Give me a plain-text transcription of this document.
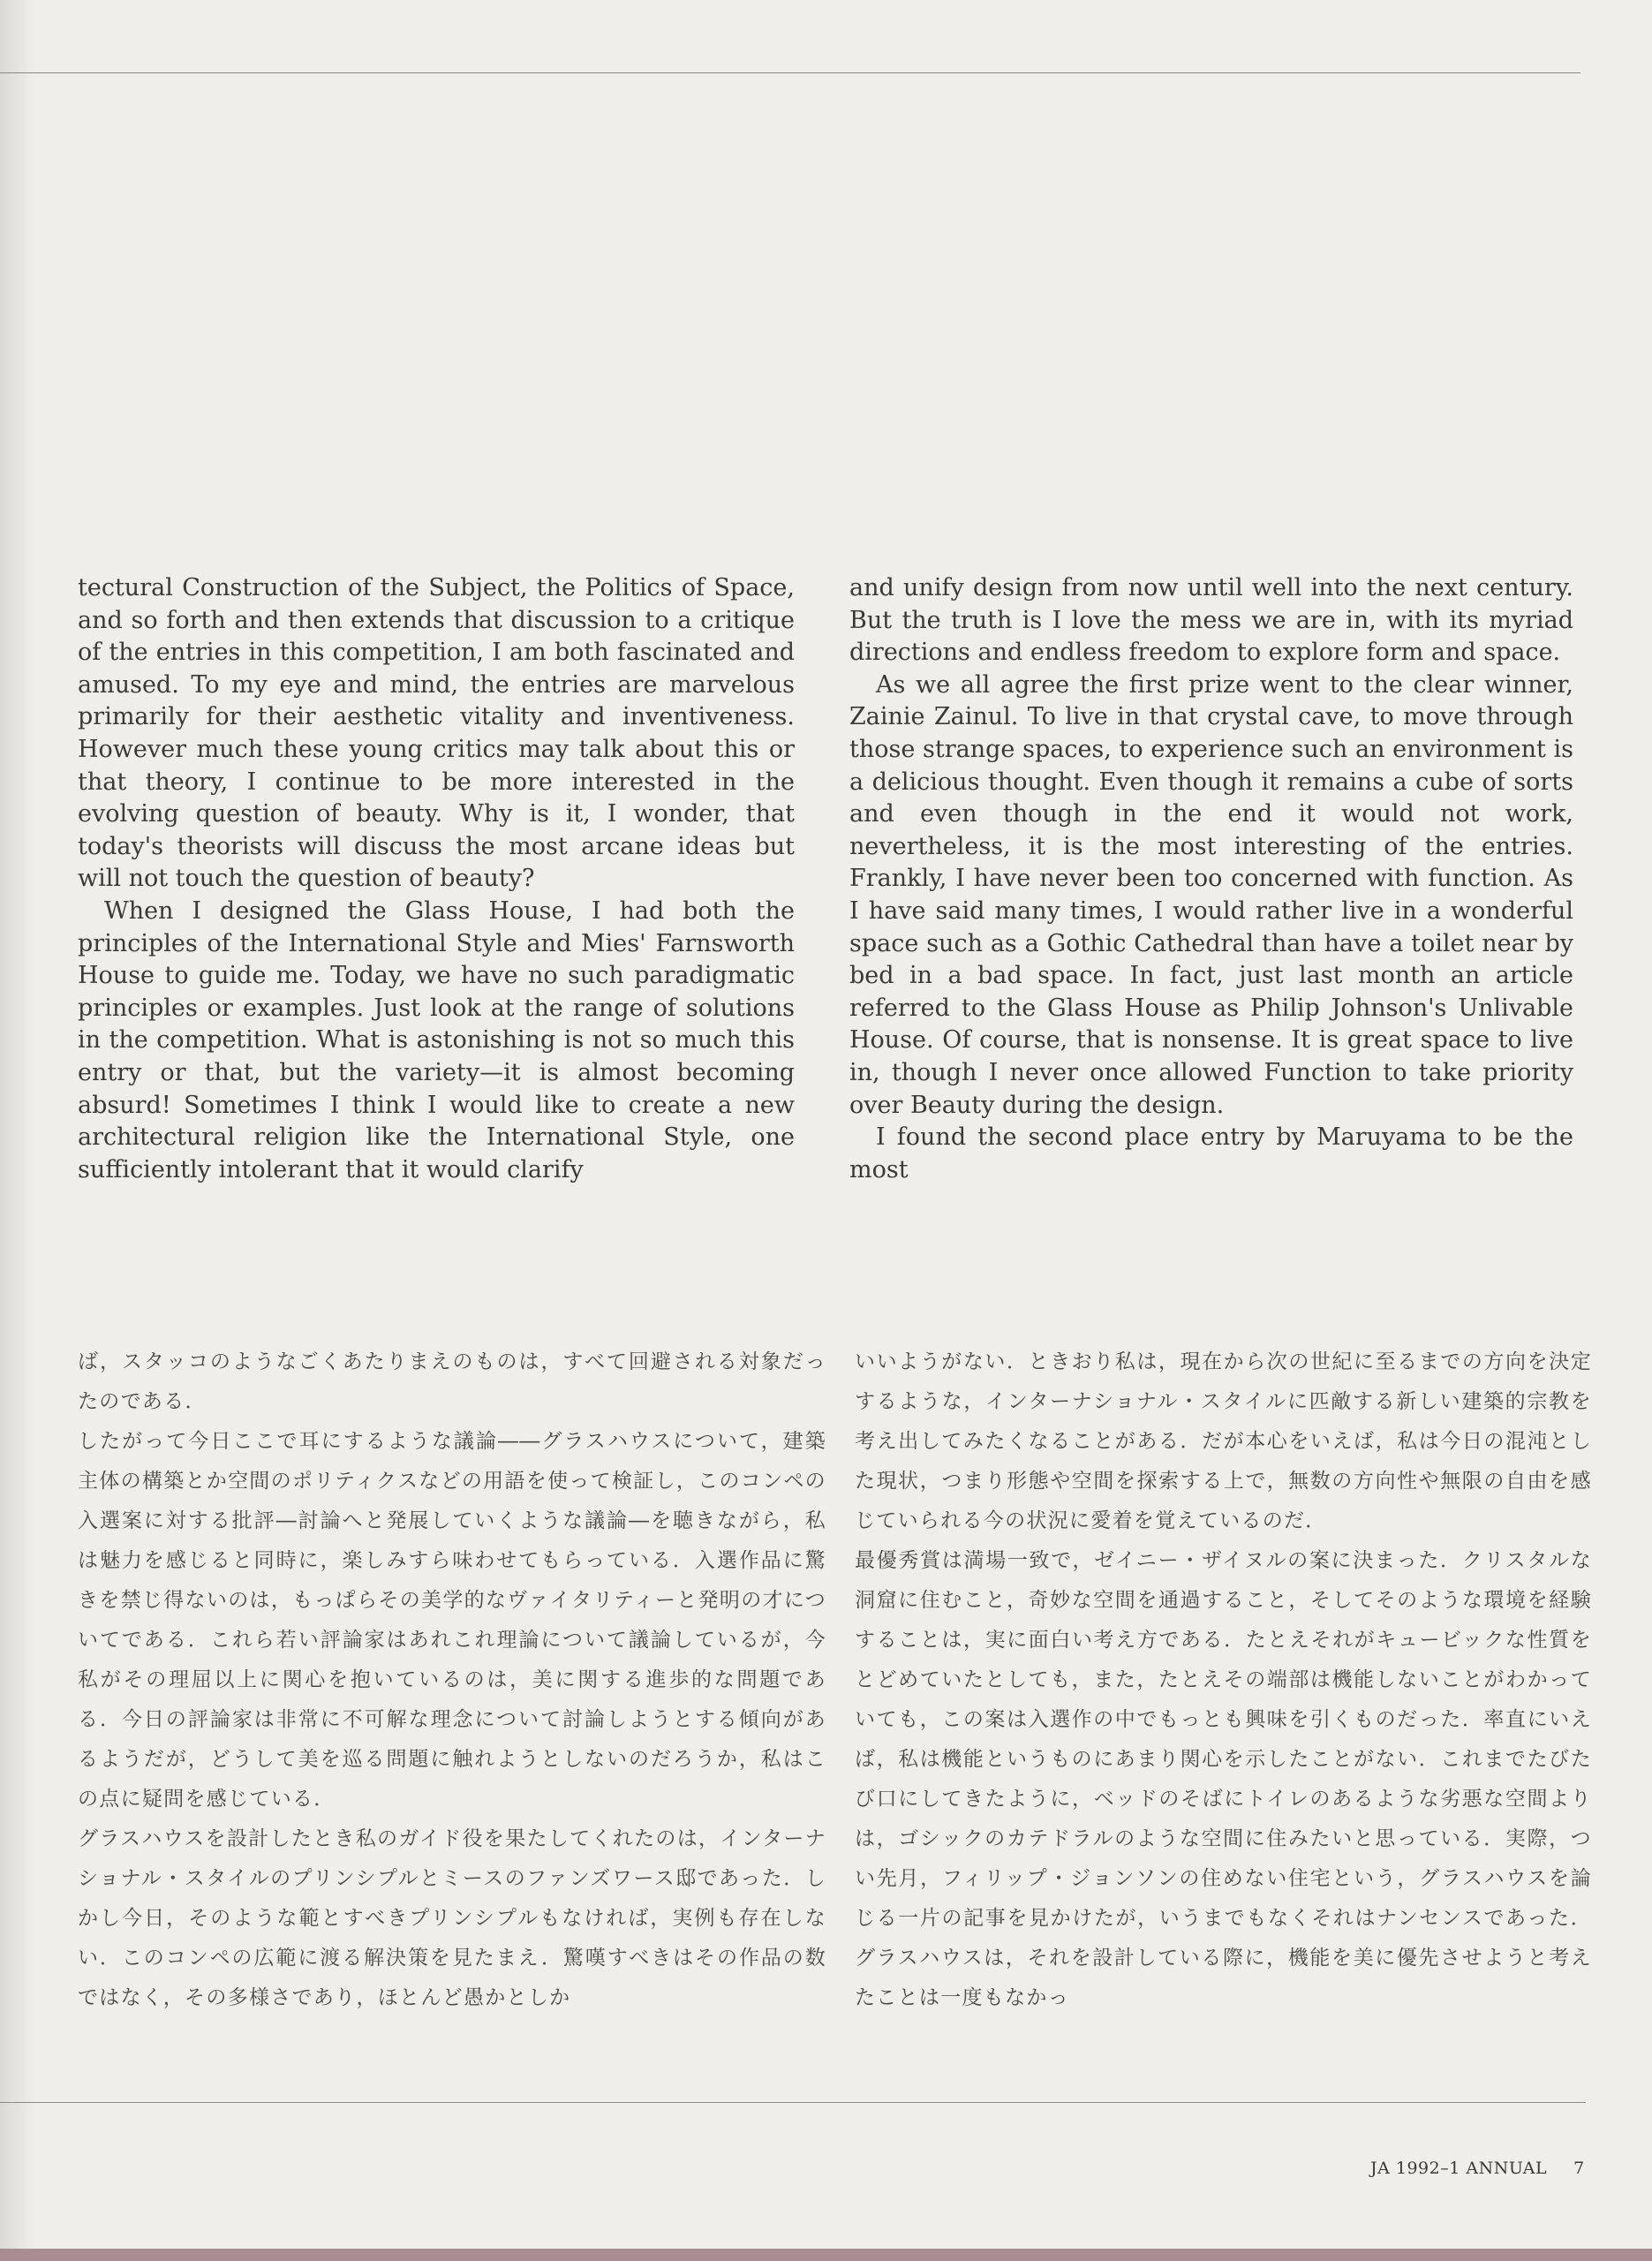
tectural Construction of the Subject, the Politics of Space, and so forth and then extends that discussion to a critique of the entries in this competition, I am both fascinated and amused. To my eye and mind, the entries are marvelous primarily for their aesthetic vitality and inventiveness. However much these young critics may talk about this or that theory, I continue to be more interested in the evolving question of beauty. Why is it, I wonder, that today's theorists will discuss the most arcane ideas but will not touch the question of beauty?

When I designed the Glass House, I had both the principles of the International Style and Mies' Farnsworth House to guide me. Today, we have no such paradigmatic principles or examples. Just look at the range of solutions in the competition. What is astonishing is not so much this entry or that, but the variety—it is almost becoming absurd! Sometimes I think I would like to create a new architectural religion like the International Style, one sufficiently intolerant that it would clarify

and unify design from now until well into the next century. But the truth is I love the mess we are in, with its myriad directions and endless freedom to explore form and space.

As we all agree the first prize went to the clear winner, Zainie Zainul. To live in that crystal cave, to move through those strange spaces, to experience such an environment is a delicious thought. Even though it remains a cube of sorts and even though in the end it would not work, nevertheless, it is the most interesting of the entries. Frankly, I have never been too concerned with function. As I have said many times, I would rather live in a wonderful space such as a Gothic Cathedral than have a toilet near by bed in a bad space. In fact, just last month an article referred to the Glass House as Philip Johnson's Unlivable House. Of course, that is nonsense. It is great space to live in, though I never once allowed Function to take priority over Beauty during the design.

I found the second place entry by Maruyama to be the most

ば，スタッコのようなごくあたりまえのものは，すべて回避される対象だったのである．

したがって今日ここで耳にするような議論――グラスハウスについて，建築主体の構築とか空間のポリティクスなどの用語を使って検証し，このコンペの入選案に対する批評―討論へと発展していくような議論―を聴きながら，私は魅力を感じると同時に，楽しみすら味わせてもらっている．入選作品に驚きを禁じ得ないのは，もっぱらその美学的なヴァイタリティーと発明の才についてである．これら若い評論家はあれこれ理論について議論しているが，今私がその理屈以上に関心を抱いているのは，美に関する進歩的な問題である．今日の評論家は非常に不可解な理念について討論しようとする傾向があるようだが，どうして美を巡る問題に触れようとしないのだろうか，私はこの点に疑問を感じている．

グラスハウスを設計したとき私のガイド役を果たしてくれたのは，インターナショナル・スタイルのプリンシプルとミースのファンズワース邸であった．しかし今日，そのような範とすべきプリンシプルもなければ，実例も存在しない．このコンペの広範に渡る解決策を見たまえ．驚嘆すべきはその作品の数ではなく，その多様さであり，ほとんど愚かとしか

いいようがない．ときおり私は，現在から次の世紀に至るまでの方向を決定するような，インターナショナル・スタイルに匹敵する新しい建築的宗教を考え出してみたくなることがある．だが本心をいえば，私は今日の混沌とした現状，つまり形態や空間を探索する上で，無数の方向性や無限の自由を感じていられる今の状況に愛着を覚えているのだ．

最優秀賞は満場一致で，ゼイニー・ザイヌルの案に決まった．クリスタルな洞窟に住むこと，奇妙な空間を通過すること，そしてそのような環境を経験することは，実に面白い考え方である．たとえそれがキュービックな性質をとどめていたとしても，また，たとえその端部は機能しないことがわかっていても，この案は入選作の中でもっとも興味を引くものだった．率直にいえば，私は機能というものにあまり関心を示したことがない．これまでたびたび口にしてきたように，ベッドのそばにトイレのあるような劣悪な空間よりは，ゴシックのカテドラルのような空間に住みたいと思っている．実際，つい先月，フィリップ・ジョンソンの住めない住宅という，グラスハウスを論じる一片の記事を見かけたが，いうまでもなくそれはナンセンスであった．グラスハウスは，それを設計している際に，機能を美に優先させようと考えたことは一度もなかっ

JA 1992–1 ANNUAL 7
